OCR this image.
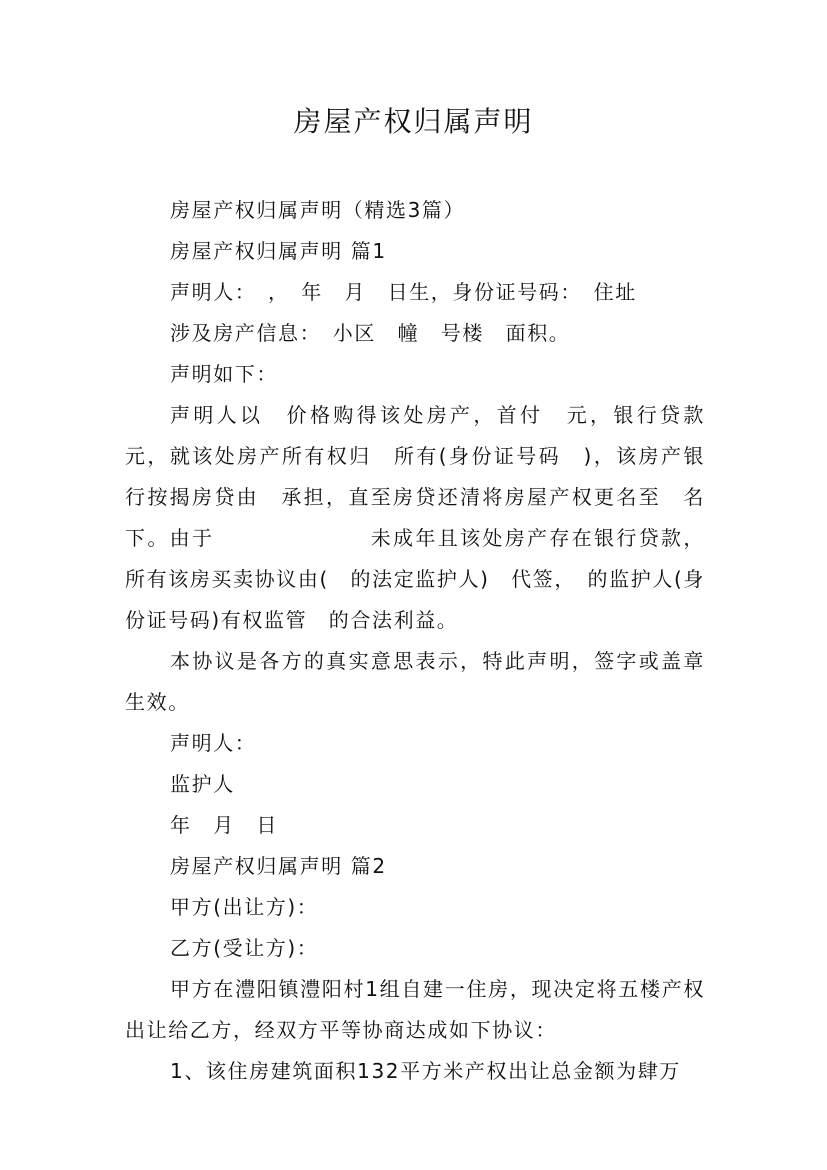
房屋产权归属声明

房屋产权归属声明（精选3篇）

房屋产权归属声明 篇1

声明人：　，　年　月　日生，身份证号码：　住址

涉及房产信息：　小区　幢　号楼　面积。

声明如下：

声明人以　价格购得该处房产，首付　元，银行贷款　元，就该处房产所有权归　所有(身份证号码　)，该房产银行按揭房贷由　承担，直至房贷还清将房屋产权更名至　名下。由于　　　　　　　未成年且该处房产存在银行贷款，所有该房买卖协议由(　的法定监护人)　代签，　的监护人(身份证号码)有权监管　的合法利益。

本协议是各方的真实意思表示，特此声明，签字或盖章生效。

声明人：

监护人

年　月　日

房屋产权归属声明 篇2

甲方(出让方)：

乙方(受让方)：

甲方在澧阳镇澧阳村1组自建一住房，现决定将五楼产权出让给乙方，经双方平等协商达成如下协议：

1、该住房建筑面积132平方米产权出让总金额为肆万
